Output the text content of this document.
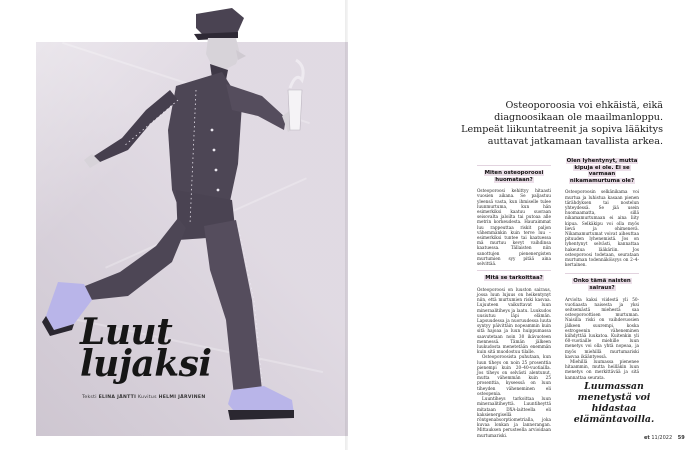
Luut
lujaksi
Teksti ELINA JÄNTTI Kuvitus HELMI JÄRVINEN
Osteoporoosia voi ehkäistä, eikä
diagnoosikaan ole maailmanloppu.
Lempeät liikuntatreenit ja sopiva lääkitys
auttavat jatkamaan tavallista arkea.
Miten osteoporoosi huomataan?

Osteoporoosi kehittyy hitaasti vuosien aikana. Se paljastuu yleensä vasta, kun ihmiselle tulee luunmurtuma, kun hän esimerkiksi kaatuu suoraan seisovalta jaloilta tai putoaa alle metrin korkeudesta. Hauraimmat luu rappeuttaa riskit paljon vähemmänkin kuin terve luu – esimerkiksi tuntee tai kaatuessa mä murtuu kevyt vaihdinsa kaatuessa. Tällaisten niin sanottujen pienenergisten murtumien syy pitää aina selvittää.

Mitä se tarkoittaa?

Osteoporoosi on luuston sairaus, jossa luun lujuus on heikentynyt niin, että murtumien riski kasvaa. Lujuuteen vaikuttavat luun mineraalitiheys ja laatu. Luukudos uusiutuu läpi elämän. Lapsuudessa ja nuoruudessa luuta syntyy päivittäin nopeammin kuin sitä hajoaa ja luun huippumassa saavutetaan noin 30 ikävuoteen mennessä. Tämän jälkeen luukudosta menetetään enemmän kuin sitä muodostuu tilalle.

Osteoporoosista puhutaan, kun luun tiheys on noin 25 prosenttia pienempi kuin 20–40-vuotiailla. Jos tiheys on selvästi alentunut, mutta vähemmän kuin 25 prosenttia, kyseessä on luun tiheyden väheneminen eli osteopenia.

Luuntiheys tarkoittaa luun mineraalitiheyttä. Luuntiheyttä mitataan DXA-laitteella eli kaksienergisellä röntgenabsorptiometrialla, joka kuvaa lonkan ja lannerangan. Mittauksen perusteella arvioidaan murtumariski.

Olen lyhentynyt, mutta kipuja ei ole. Ei se varmaan nikamamurtuma ole?

Osteoporoosin selkänikama voi murtua ja luhistua kasaan pienen tärähdyksen tai nostelun yhteydessä. Se jää usein huomaamatta, sillä nikamamurtumaan ei aina liity kipua. Selkäkipu voi olla myös lievä ja ohimenevä. Nikamamurtumat voivat aiheuttaa pituuden lyhenemistä. Jos on lyhentynyt selvästi, kannattaa hakeutua lääkäriin. Jos osteoporoosi todetaan, seurataan murtuman todennäköisyys on 2–4-kertainen.

Onko tämä naisten sairaus?

Arviolta kaksi viidestä yli 50-vuotiaasta naisesta ja yksi seitsemästä miehestä saa osteoporoottisen murtuman. Naisilla riski on vaihdevuosien jälkeen suurempi, koska estrogeenin väheneminen kiihdyttää luukatoa. Kuitenkin yli 60-vuotiaille miehille luun menetys voi olla yhtä nopeaa, ja myös miehillä murtumariski kasvaa ikääntyessä.

Miehillä luumassa pienenee hitaammin, mutta heilläkin luun menetys on merkittävää ja sitä kannattaa seurata.

Luumassan
menetystä voi
hidastaa
elämäntavoilla.
et 11/2022 59
